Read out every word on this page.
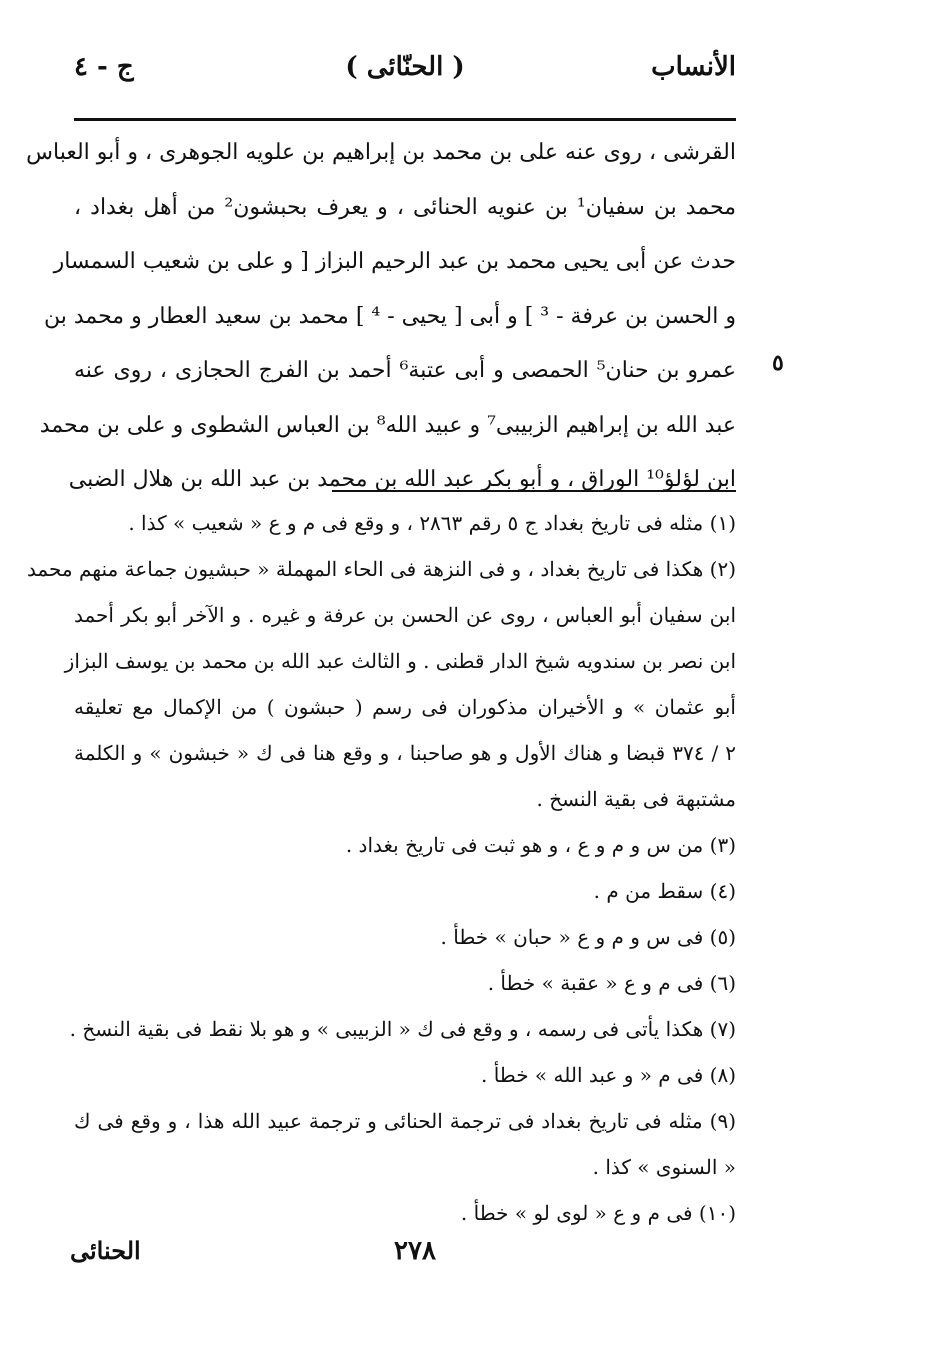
الأنساب
( الحنّائى )
ج - ٤
القرشى ، روى عنه على بن محمد بن إبراهيم بن علويه الجوهرى ، و أبو العباس
محمد بن سفيان¹ بن عنويه الحنائى ، و يعرف بحبشون² من أهل بغداد ،
حدث عن أبى يحيى محمد بن عبد الرحيم البزاز [ و على بن شعيب السمسار
و الحسن بن عرفة - ³ ] و أبى [ يحيى - ⁴ ] محمد بن سعيد العطار و محمد بن
عمرو بن حنان⁵ الحمصى و أبى عتبة⁶ أحمد بن الفرج الحجازى ، روى عنه
عبد الله بن إبراهيم الزبيبى⁷ و عبيد الله⁸ بن العباس الشطوى و على بن محمد
ابن لؤلؤ¹⁰ الوراق ، و أبو بكر عبد الله بن محمد بن عبد الله بن هلال الضبى
٥
(١) مثله فى تاريخ بغداد ج ٥ رقم ٢٨٦٣ ، و وقع فى م و ع « شعيب » كذا .
(٢) هكذا فى تاريخ بغداد ، و فى النزهة فى الحاء المهملة « حبشيون جماعة منهم محمد
ابن سفيان أبو العباس ، روى عن الحسن بن عرفة و غيره . و الآخر أبو بكر أحمد
ابن نصر بن سندويه شيخ الدار قطنى . و الثالث عبد الله بن محمد بن يوسف البزاز
أبو عثمان » و الأخيران مذكوران فى رسم ( حبشون ) من الإكمال مع تعليقه
٢ / ٣٧٤ قبضا و هناك الأول و هو صاحبنا ، و وقع هنا فى ك « خبشون » و الكلمة
مشتبهة فى بقية النسخ .
(٣) من س و م و ع ، و هو ثبت فى تاريخ بغداد .
(٤) سقط من م .
(٥) فى س و م و ع « حبان » خطأ .
(٦) فى م و ع « عقبة » خطأ .
(٧) هكذا يأتى فى رسمه ، و وقع فى ك « الزبيبى » و هو بلا نقط فى بقية النسخ .
(٨) فى م « و عبد الله » خطأ .
(٩) مثله فى تاريخ بغداد فى ترجمة الحنائى و ترجمة عبيد الله هذا ، و وقع فى ك
« السنوى » كذا .
(١٠) فى م و ع « لوى لو » خطأ .
٢٧٨
الحنائى
